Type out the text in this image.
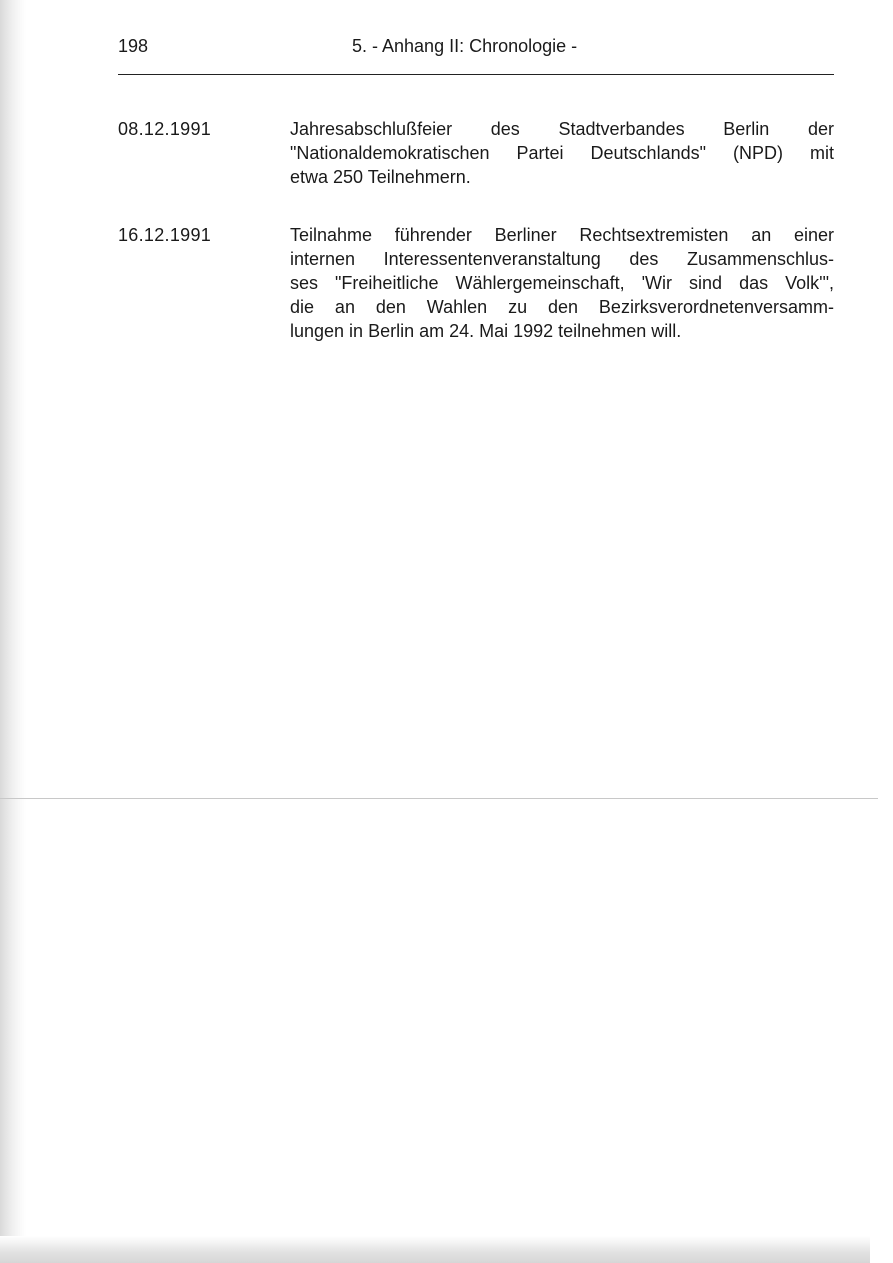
198	5. - Anhang II: Chronologie -
08.12.1991	Jahresabschlußfeier des Stadtverbandes Berlin der
"Nationaldemokratischen Partei Deutschlands" (NPD) mit
etwa 250 Teilnehmern.
16.12.1991	Teilnahme führender Berliner Rechtsextremisten an einer
internen Interessentenveranstaltung des Zusammenschlus-
ses "Freiheitliche Wählergemeinschaft, 'Wir sind das Volk'",
die an den Wahlen zu den Bezirksverordnetenversamm-
lungen in Berlin am 24. Mai 1992 teilnehmen will.
